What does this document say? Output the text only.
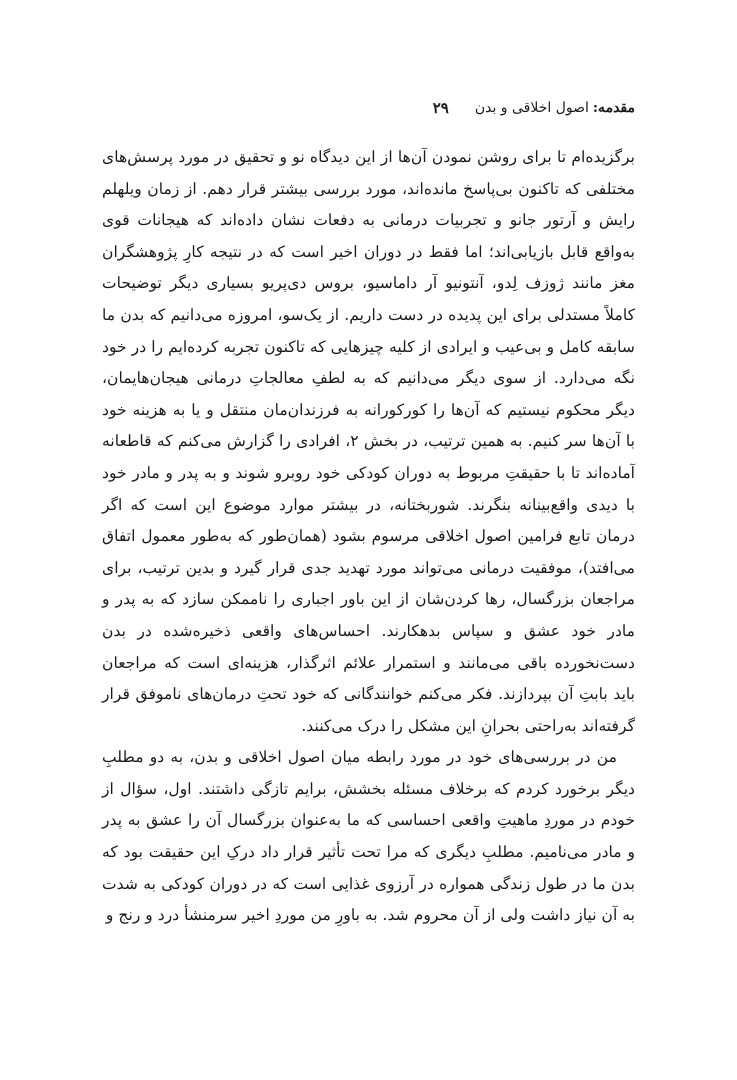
مقدمه:
اصول اخلاقی و بدن
۲۹

برگزیده‌ام تا برای روشن نمودن آن‌ها از این دیدگاه نو و تحقیق در مورد پرسش‌های مختلفی که تاکنون بی‌پاسخ مانده‌اند، مورد بررسی بیشتر قرار دهم. از زمان ویلهلم رایش و آرتور جانو و تجربیات درمانی به دفعات نشان داده‌اند که هیجانات قوی به‌واقع قابل بازیابی‌اند؛ اما فقط در دوران اخیر است که در نتیجه کارِ پژوهشگران مغز مانند ژوزف لِدو، آنتونیو آر داماسیو، بروس دی‌پریو بسیاری دیگر توضیحات کاملاً مستدلی برای این پدیده در دست داریم. از یک‌سو، امروزه می‌دانیم که بدن ما سابقه کامل و بی‌عیب و ایرادی از کلیه چیزهایی که تاکنون تجربه کرده‌ایم را در خود نگه می‌دارد. از سوی دیگر می‌دانیم که به لطفِ معالجاتِ درمانی هیجان‌هایمان، دیگر محکوم نیستیم که آن‌ها را کورکورانه به فرزندان‌مان منتقل و یا به هزینه خود با آن‌ها سر کنیم. به همین ترتیب، در بخش ۲، افرادی را گزارش می‌کنم که قاطعانه آماده‌اند تا با حقیقتِ مربوط به دوران کودکی خود روبرو شوند و به پدر و مادر خود با دیدی واقع‌بینانه بنگرند. شوربختانه، در بیشتر موارد موضوع این است که اگر درمان تابع فرامین اصول اخلاقی مرسوم بشود (همان‌طور که به‌طور معمول اتفاق می‌افتد)، موفقیت درمانی می‌تواند مورد تهدید جدی قرار گیرد و بدین ترتیب، برای مراجعان بزرگسال، رها کردن‌شان از این باور اجباری را ناممکن سازد که به پدر و مادر خود عشق و سپاس بدهکارند. احساس‌های واقعی ذخیره‌شده در بدن دست‌نخورده باقی می‌مانند و استمرار علائم اثرگذار، هزینه‌ای است که مراجعان باید بابتِ آن بپردازند. فکر می‌کنم خوانندگانی که خود تحتِ درمان‌های ناموفق قرار گرفته‌اند به‌راحتی بحرانِ این مشکل را درک می‌کنند.

من در بررسی‌های خود در مورد رابطه میان اصول اخلاقی و بدن، به دو مطلبِ دیگر برخورد کردم که برخلاف مسئله بخشش، برایم تازگی داشتند. اول، سؤال از خودم در موردِ ماهیتِ واقعی احساسی که ما به‌عنوان بزرگسال آن را عشق به پدر و مادر می‌نامیم. مطلبِ دیگری که مرا تحت تأثیر قرار داد درکِ این حقیقت بود که بدن ما در طول زندگی همواره در آرزوی غذایی است که در دوران کودکی به شدت به آن نیاز داشت ولی از آن محروم شد. به باورِ من موردِ اخیر سرمنشأ درد و رنج و
